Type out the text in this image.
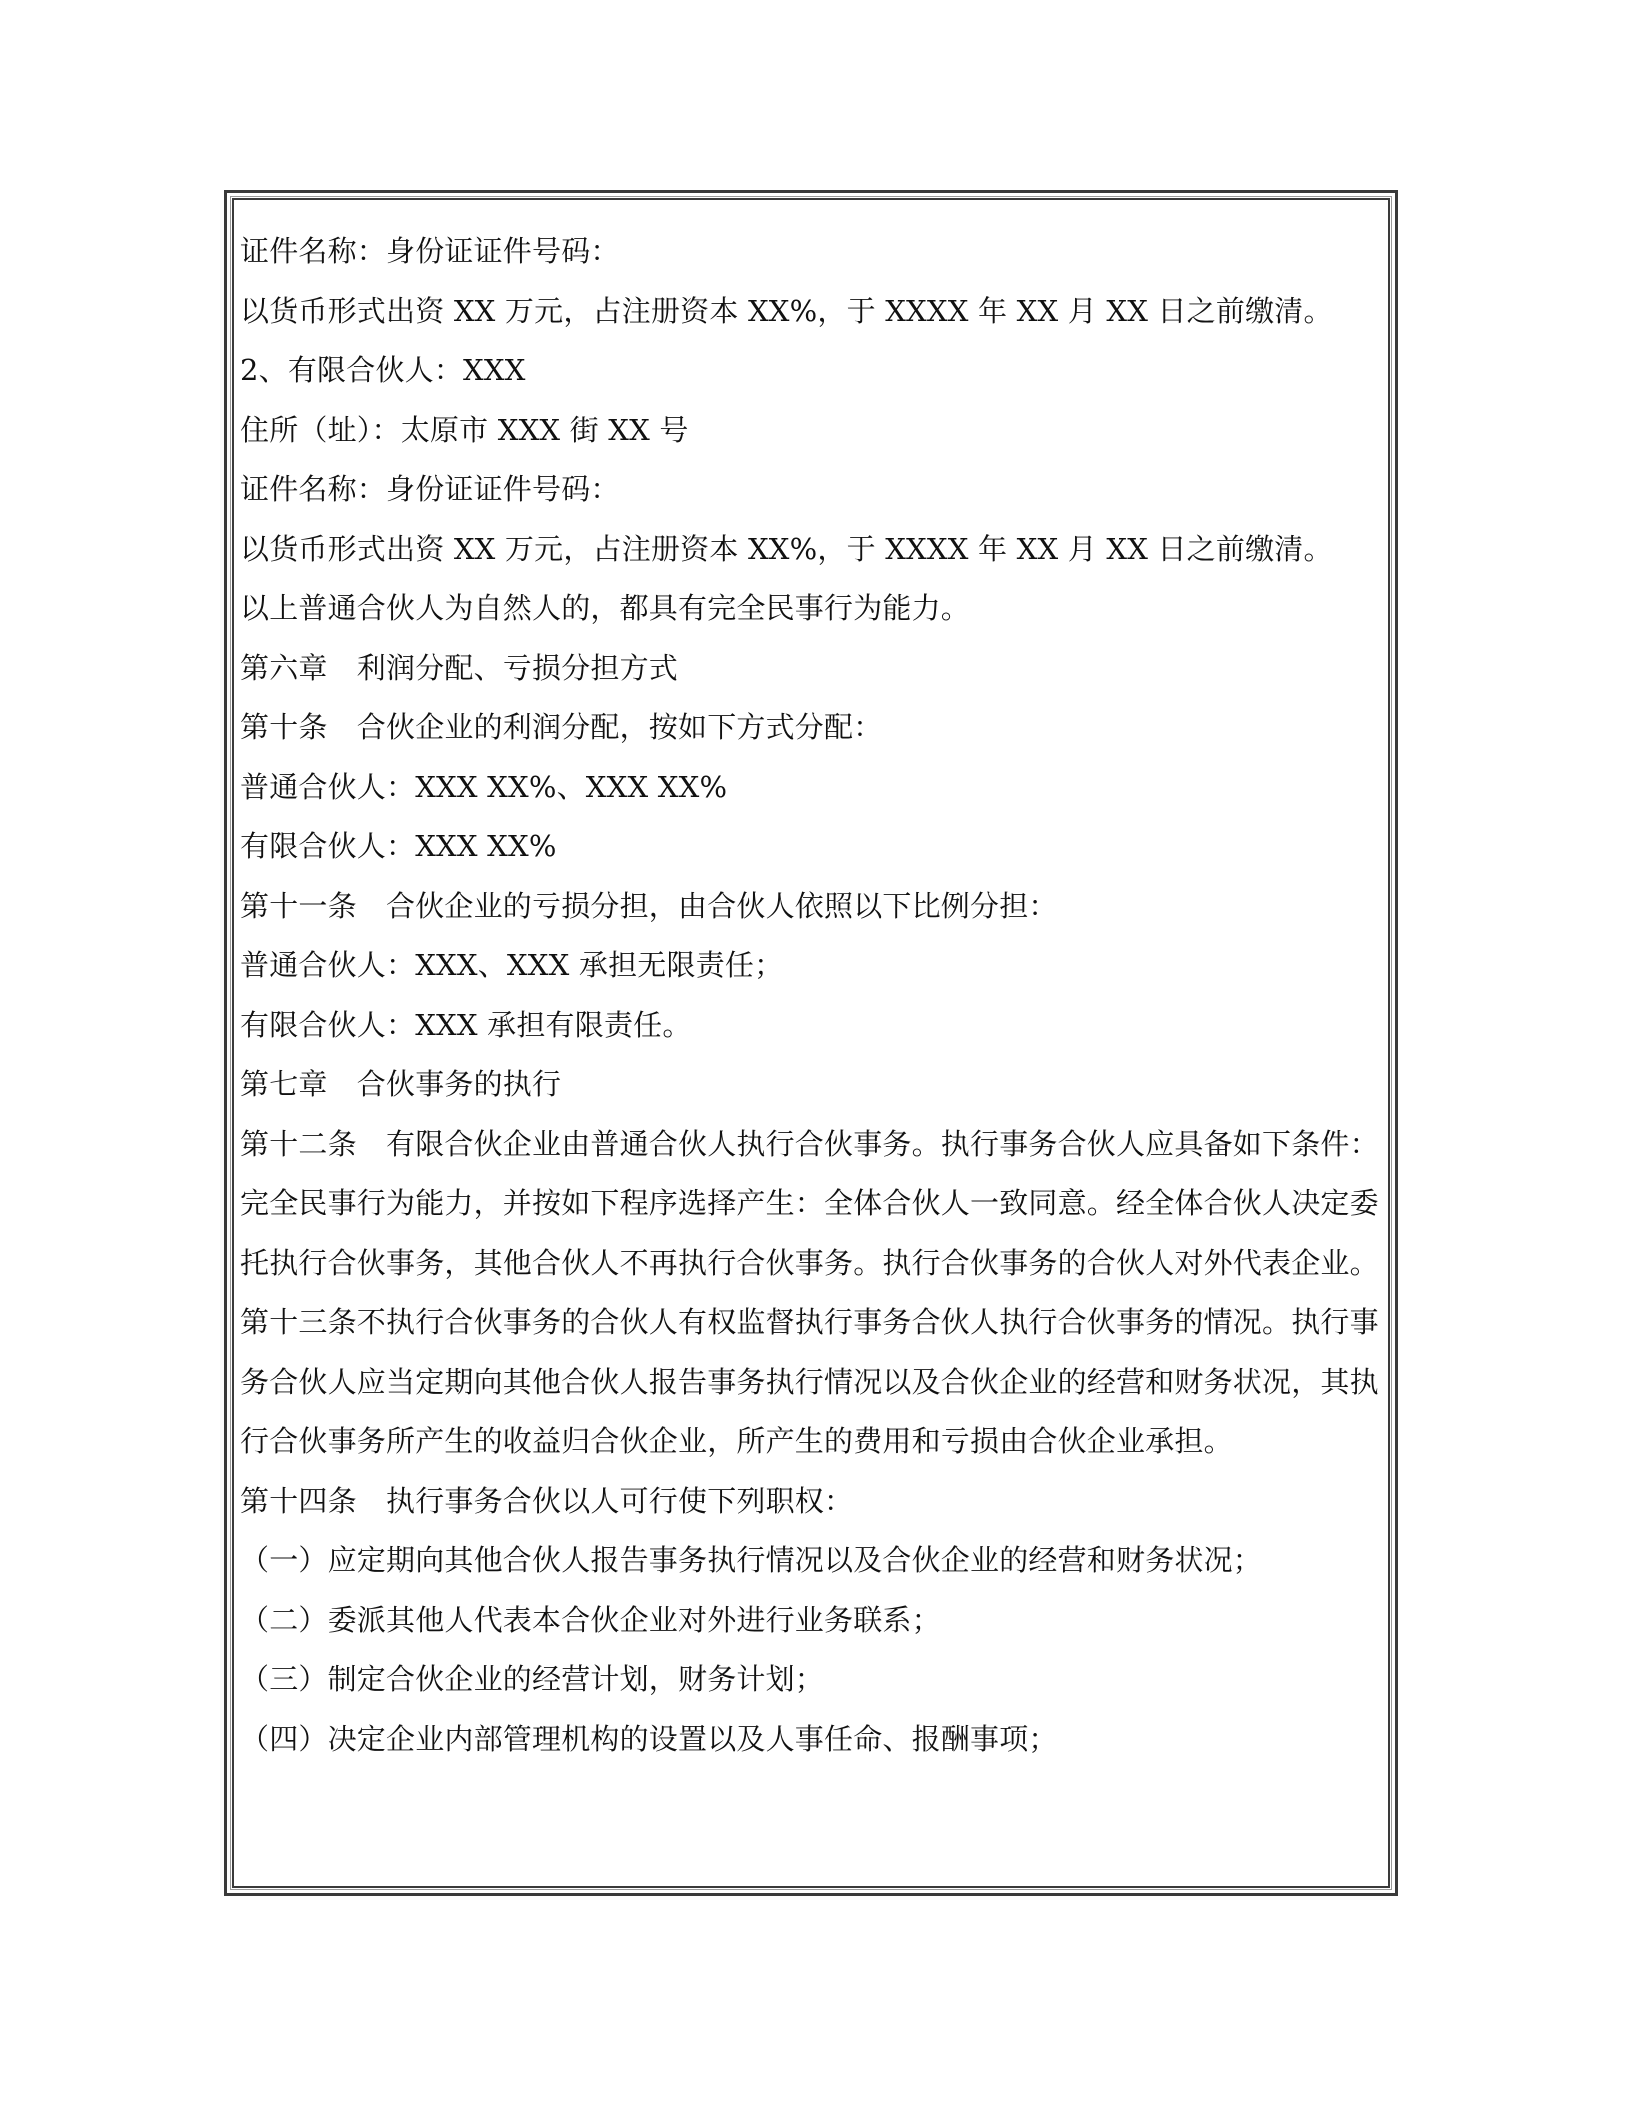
证件名称：身份证证件号码：
以货币形式出资 XX 万元，占注册资本 XX%，于 XXXX 年 XX 月 XX 日之前缴清。
2、有限合伙人：XXX
住所（址）：太原市 XXX 街 XX 号
证件名称：身份证证件号码：
以货币形式出资 XX 万元，占注册资本 XX%，于 XXXX 年 XX 月 XX 日之前缴清。
以上普通合伙人为自然人的，都具有完全民事行为能力。
第六章　利润分配、亏损分担方式
第十条　合伙企业的利润分配，按如下方式分配：
普通合伙人：XXX XX%、XXX XX%
有限合伙人：XXX XX%
第十一条　合伙企业的亏损分担，由合伙人依照以下比例分担：
普通合伙人：XXX、XXX 承担无限责任；
有限合伙人：XXX 承担有限责任。
第七章　合伙事务的执行
第十二条　有限合伙企业由普通合伙人执行合伙事务。执行事务合伙人应具备如下条件：完全民事行为能力，并按如下程序选择产生：全体合伙人一致同意。经全体合伙人决定委托执行合伙事务，其他合伙人不再执行合伙事务。执行合伙事务的合伙人对外代表企业。
第十三条不执行合伙事务的合伙人有权监督执行事务合伙人执行合伙事务的情况。执行事务合伙人应当定期向其他合伙人报告事务执行情况以及合伙企业的经营和财务状况，其执行合伙事务所产生的收益归合伙企业，所产生的费用和亏损由合伙企业承担。
第十四条　执行事务合伙以人可行使下列职权：
（一）应定期向其他合伙人报告事务执行情况以及合伙企业的经营和财务状况；
（二）委派其他人代表本合伙企业对外进行业务联系；
（三）制定合伙企业的经营计划，财务计划；
（四）决定企业内部管理机构的设置以及人事任命、报酬事项；
